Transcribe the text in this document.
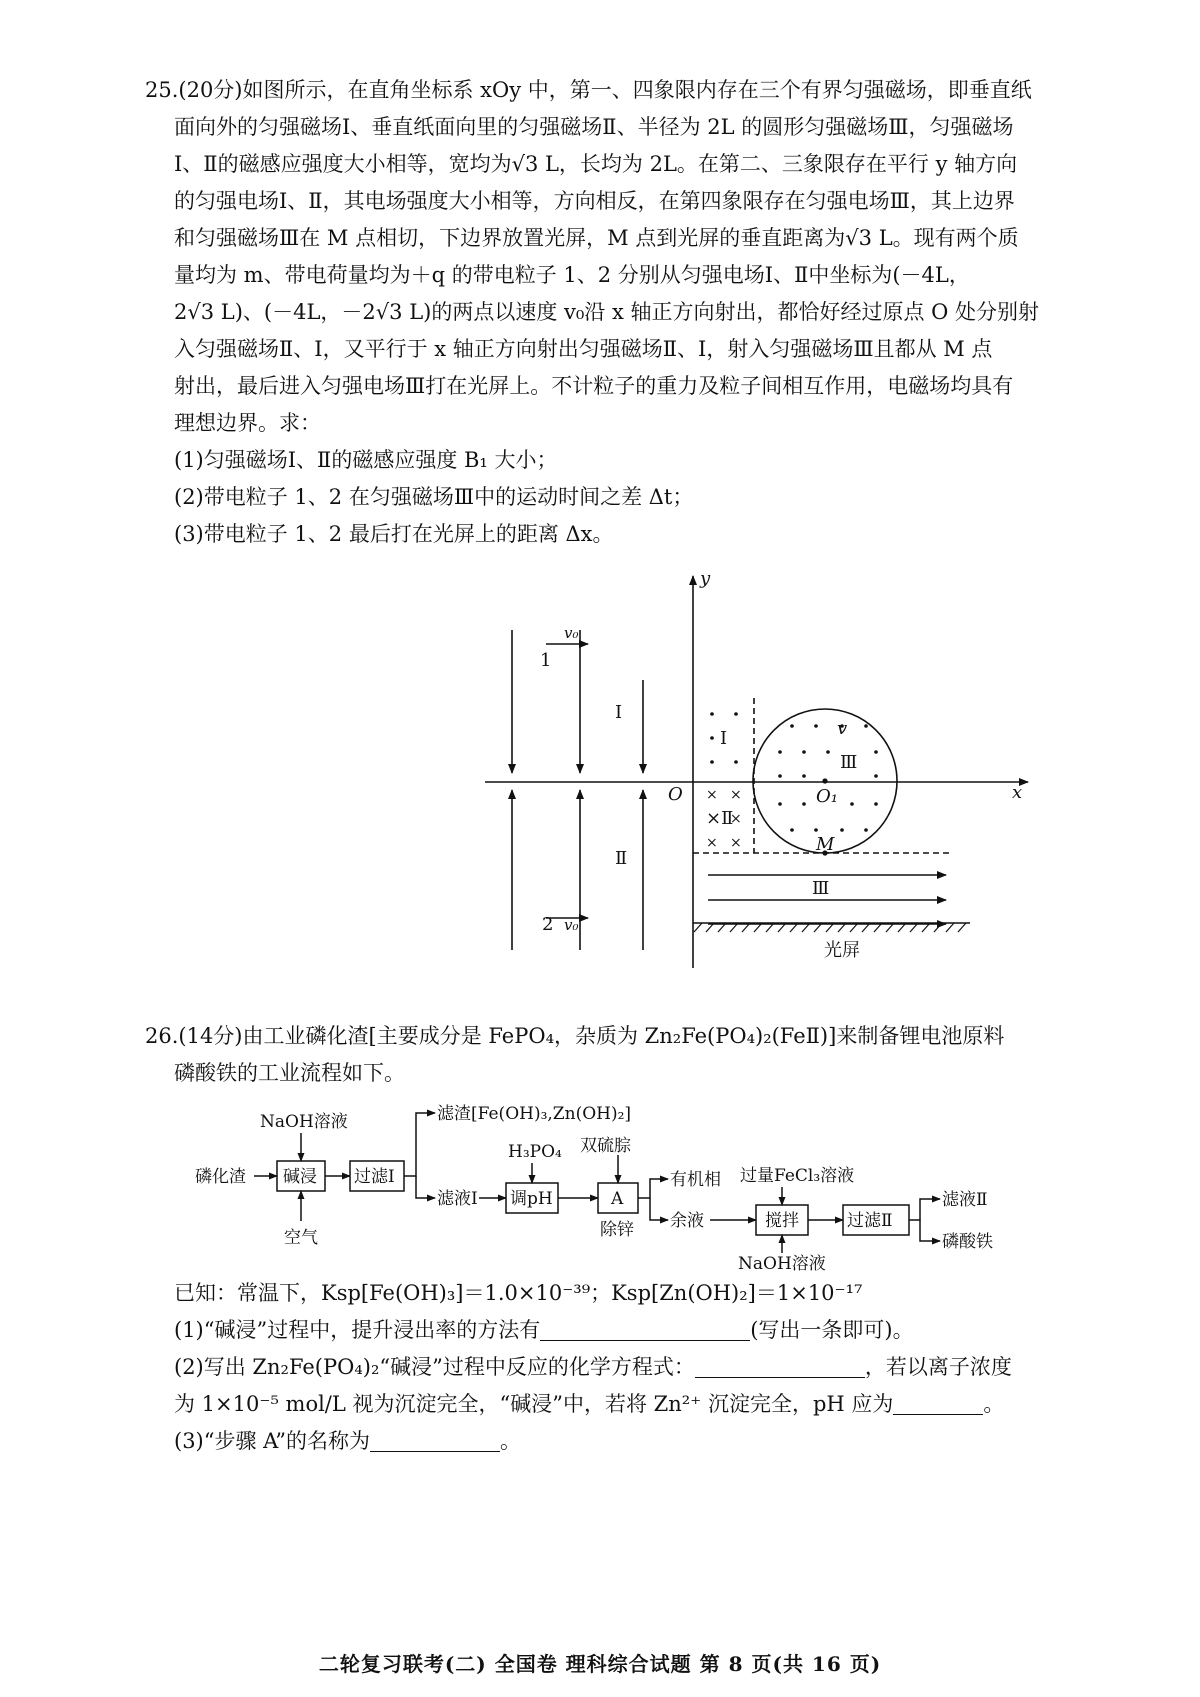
25.(20分)如图所示，在直角坐标系 xOy 中，第一、四象限内存在三个有界匀强磁场，即垂直纸
面向外的匀强磁场Ⅰ、垂直纸面向里的匀强磁场Ⅱ、半径为 2L 的圆形匀强磁场Ⅲ，匀强磁场
Ⅰ、Ⅱ的磁感应强度大小相等，宽均为√3 L，长均为 2L。在第二、三象限存在平行 y 轴方向
的匀强电场Ⅰ、Ⅱ，其电场强度大小相等，方向相反，在第四象限存在匀强电场Ⅲ，其上边界
和匀强磁场Ⅲ在 M 点相切，下边界放置光屏，M 点到光屏的垂直距离为√3 L。现有两个质
量均为 m、带电荷量均为＋q 的带电粒子 1、2 分别从匀强电场Ⅰ、Ⅱ中坐标为(－4L，
2√3 L)、(－4L，－2√3 L)的两点以速度 v₀沿 x 轴正方向射出，都恰好经过原点 O 处分别射
入匀强磁场Ⅱ、Ⅰ，又平行于 x 轴正方向射出匀强磁场Ⅱ、Ⅰ，射入匀强磁场Ⅲ且都从 M 点
射出，最后进入匀强电场Ⅲ打在光屏上。不计粒子的重力及粒子间相互作用，电磁场均具有
理想边界。求：
(1)匀强磁场Ⅰ、Ⅱ的磁感应强度 B₁ 大小；
(2)带电粒子 1、2 在匀强磁场Ⅲ中的运动时间之差 Δt；
(3)带电粒子 1、2 最后打在光屏上的距离 Δx。
× ×
×
× ×
y
x
O	O₁
M
v
Ⅰ
Ⅱ
Ⅰ
×Ⅱ
Ⅲ
Ⅲ
1
2
v₀
v₀
光屏
26.(14分)由工业磷化渣[主要成分是 FePO₄，杂质为 Zn₂Fe(PO₄)₂(FeⅡ)]来制备锂电池原料
磷酸铁的工业流程如下。
NaOH溶液
磷化渣 碱浸 过滤Ⅰ
空气
滤渣[Fe(OH)₃,Zn(OH)₂]
滤液Ⅰ
H₃PO₄
调pH
双硫腙
A
除锌
有机相
余液
过量FeCl₃溶液
搅拌
NaOH溶液
过滤Ⅱ
滤液Ⅱ
磷酸铁
已知：常温下，Ksp[Fe(OH)₃]＝1.0×10⁻³⁹；Ksp[Zn(OH)₂]＝1×10⁻¹⁷
(1)“碱浸”过程中，提升浸出率的方法有	(写出一条即可)。
(2)写出 Zn₂Fe(PO₄)₂“碱浸”过程中反应的化学方程式：	，若以离子浓度
为 1×10⁻⁵ mol/L 视为沉淀完全，“碱浸”中，若将 Zn²⁺ 沉淀完全，pH 应为	。
(3)“步骤 A”的名称为	。
二轮复习联考(二) 全国卷 理科综合试题 第 8 页(共 16 页)
